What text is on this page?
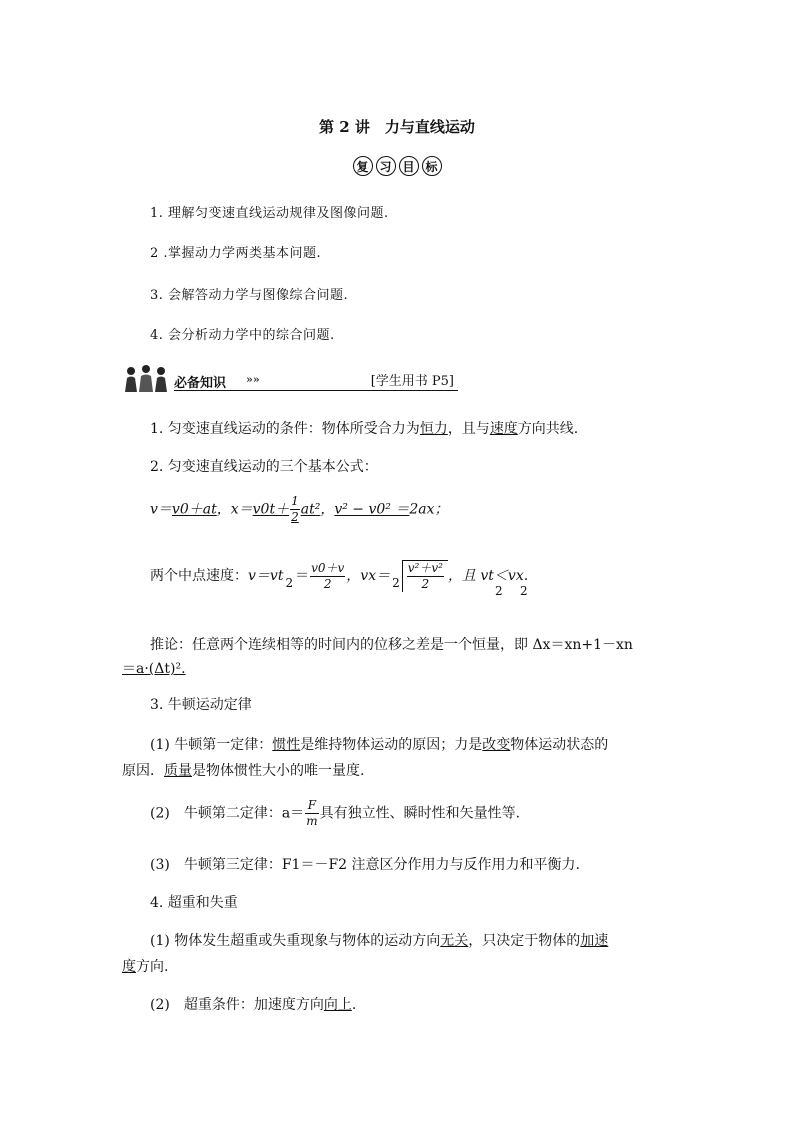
第 2 讲　力与直线运动
复 习 目 标
1. 理解匀变速直线运动规律及图像问题.
2 .掌握动力学两类基本问题.
3. 会解答动力学与图像综合问题.
4. 会分析动力学中的综合问题.
必备知识 »»	[学生用书 P5]
1. 匀变速直线运动的条件：物体所受合力为恒力，且与速度方向共线.
2. 匀变速直线运动的三个基本公式：
v＝v0＋at，$x=v0t+ \frac{1}{2} at^2$，v² − v0² ＝2ax；
两个中点速度：v＝vt
$2 = \frac{v0+v}{2}$ ，vx＝
$2 \frac{\text{v²＋v²}}{2}$ ，且 vt＜vx.
2 2
推论：任意两个连续相等的时间内的位移之差是一个恒量，即 Δx＝xn+1－xn
＝a·(Δt)².
3. 牛顿运动定律
(1) 牛顿第一定律：惯性是维持物体运动的原因；力是改变物体运动状态的
原因．质量是物体惯性大小的唯一量度.
(2)　牛顿第二定律：$a= \frac{F}{m}$ 具有独立性、瞬时性和矢量性等.
(3)　牛顿第三定律：F1＝－F2 注意区分作用力与反作用力和平衡力.
4. 超重和失重
(1) 物体发生超重或失重现象与物体的运动方向无关，只决定于物体的加速
度方向.
(2)　超重条件：加速度方向向上.
